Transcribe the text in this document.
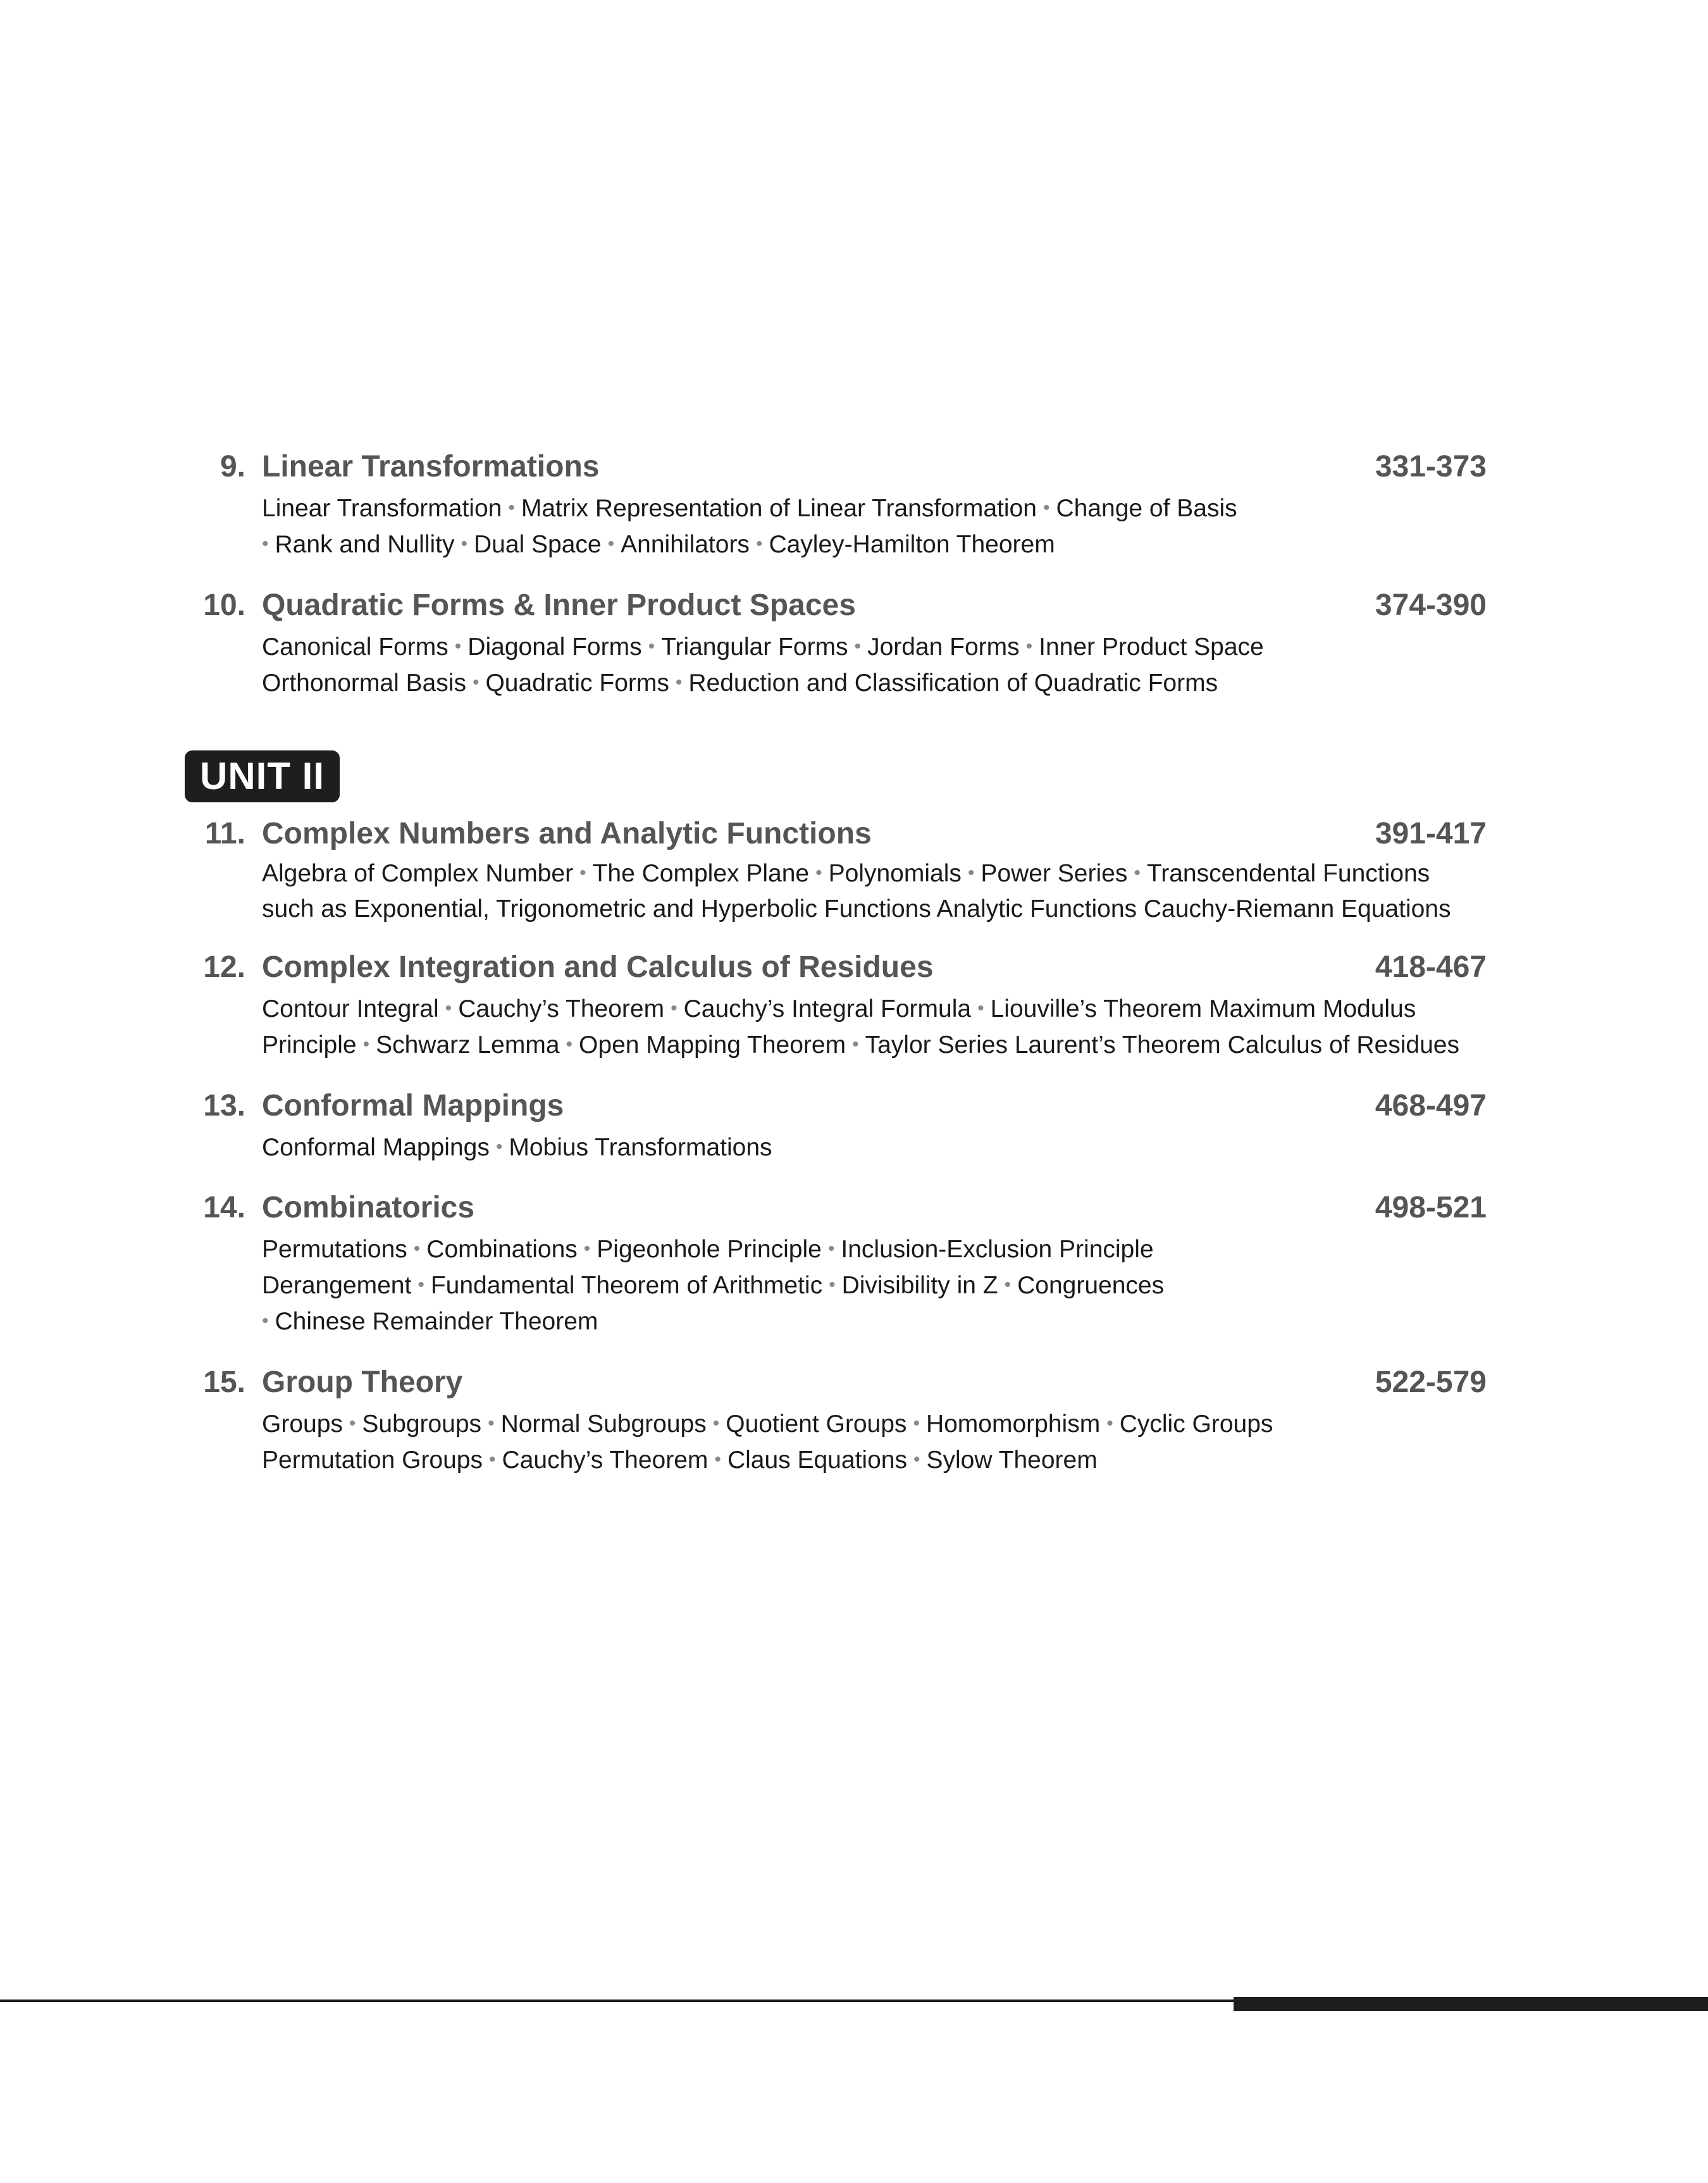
9. Linear Transformations	331-373
Linear Transformation • Matrix Representation of Linear Transformation • Change of Basis
• Rank and Nullity • Dual Space • Annihilators • Cayley-Hamilton Theorem
10. Quadratic Forms & Inner Product Spaces	374-390
Canonical Forms • Diagonal Forms • Triangular Forms • Jordan Forms • Inner Product Space
Orthonormal Basis • Quadratic Forms • Reduction and Classification of Quadratic Forms
UNIT II
11. Complex Numbers and Analytic Functions	391-417
Algebra of Complex Number • The Complex Plane • Polynomials • Power Series • Transcendental Functions
such as Exponential, Trigonometric and Hyperbolic Functions Analytic Functions Cauchy-Riemann Equations
12. Complex Integration and Calculus of Residues	418-467
Contour Integral • Cauchy’s Theorem • Cauchy’s Integral Formula • Liouville’s Theorem Maximum Modulus
Principle • Schwarz Lemma • Open Mapping Theorem • Taylor Series Laurent’s Theorem Calculus of Residues
13. Conformal Mappings	468-497
Conformal Mappings • Mobius Transformations
14. Combinatorics	498-521
Permutations • Combinations • Pigeonhole Principle • Inclusion-Exclusion Principle
Derangement • Fundamental Theorem of Arithmetic • Divisibility in Z • Congruences
• Chinese Remainder Theorem
15. Group Theory	522-579
Groups • Subgroups • Normal Subgroups • Quotient Groups • Homomorphism • Cyclic Groups
Permutation Groups • Cauchy’s Theorem • Claus Equations • Sylow Theorem
